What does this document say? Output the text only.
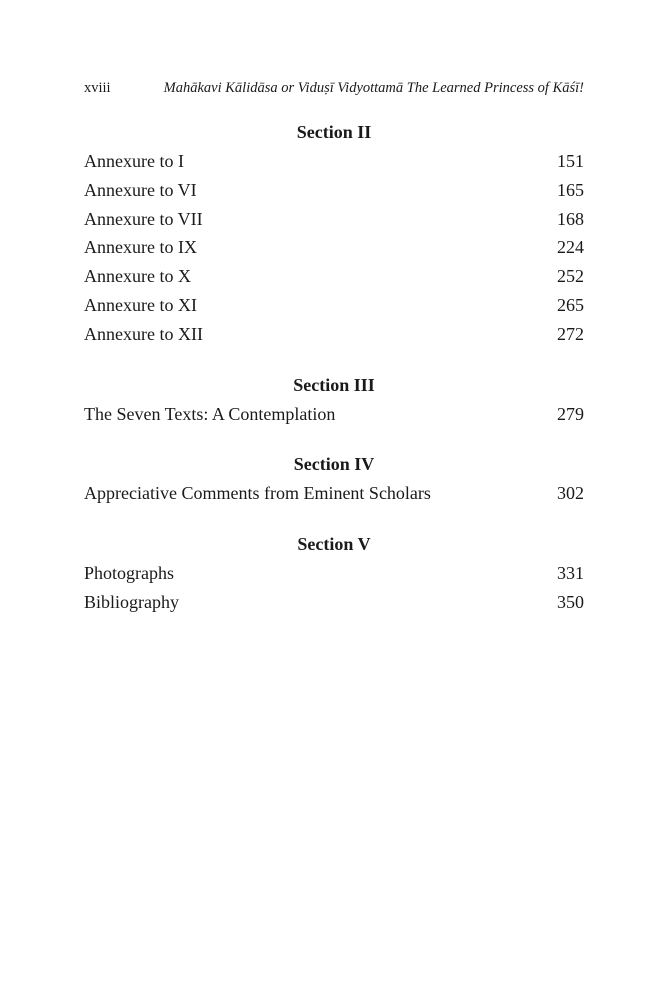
xviii	Mahākavi Kālidāsa or Viduṣī Vidyottamā The Learned Princess of Kāśī!
Section II
Annexure to I	151
Annexure to VI	165
Annexure to VII	168
Annexure to IX	224
Annexure to X	252
Annexure to XI	265
Annexure to XII	272
Section III
The Seven Texts: A Contemplation	279
Section IV
Appreciative Comments from Eminent Scholars	302
Section V
Photographs	331
Bibliography	350
